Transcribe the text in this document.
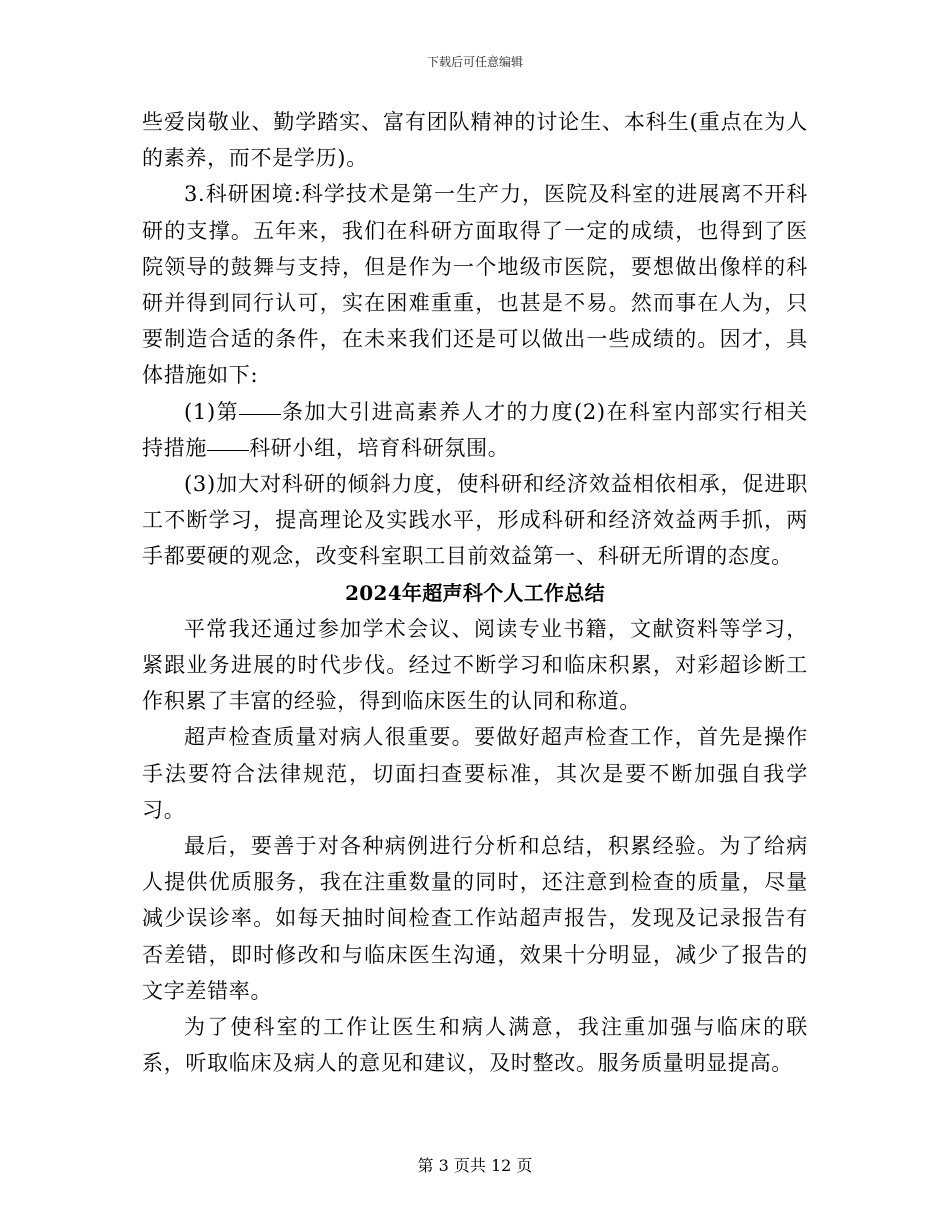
下载后可任意编辑

些爱岗敬业、勤学踏实、富有团队精神的讨论生、本科生(重点在为人的素养，而不是学历)。

3.科研困境:科学技术是第一生产力，医院及科室的进展离不开科研的支撑。五年来，我们在科研方面取得了一定的成绩，也得到了医院领导的鼓舞与支持，但是作为一个地级市医院，要想做出像样的科研并得到同行认可，实在困难重重，也甚是不易。然而事在人为，只要制造合适的条件，在未来我们还是可以做出一些成绩的。因才，具体措施如下:

(1)第 条加大引进高素养人才的力度(2)在科室内部实行相关持措施 科研小组，培育科研氛围。

(3)加大对科研的倾斜力度，使科研和经济效益相依相承，促进职工不断学习，提高理论及实践水平，形成科研和经济效益两手抓，两手都要硬的观念，改变科室职工目前效益第一、科研无所谓的态度。

2024年超声科个人工作总结

平常我还通过参加学术会议、阅读专业书籍，文献资料等学习，紧跟业务进展的时代步伐。经过不断学习和临床积累，对彩超诊断工作积累了丰富的经验，得到临床医生的认同和称道。

超声检查质量对病人很重要。要做好超声检查工作，首先是操作手法要符合法律规范，切面扫查要标准，其次是要不断加强自我学习。

最后，要善于对各种病例进行分析和总结，积累经验。为了给病人提供优质服务，我在注重数量的同时，还注意到检查的质量，尽量减少误诊率。如每天抽时间检查工作站超声报告，发现及记录报告有否差错，即时修改和与临床医生沟通，效果十分明显，减少了报告的文字差错率。

为了使科室的工作让医生和病人满意，我注重加强与临床的联系，听取临床及病人的意见和建议，及时整改。服务质量明显提高。

第 3 页共 12 页
